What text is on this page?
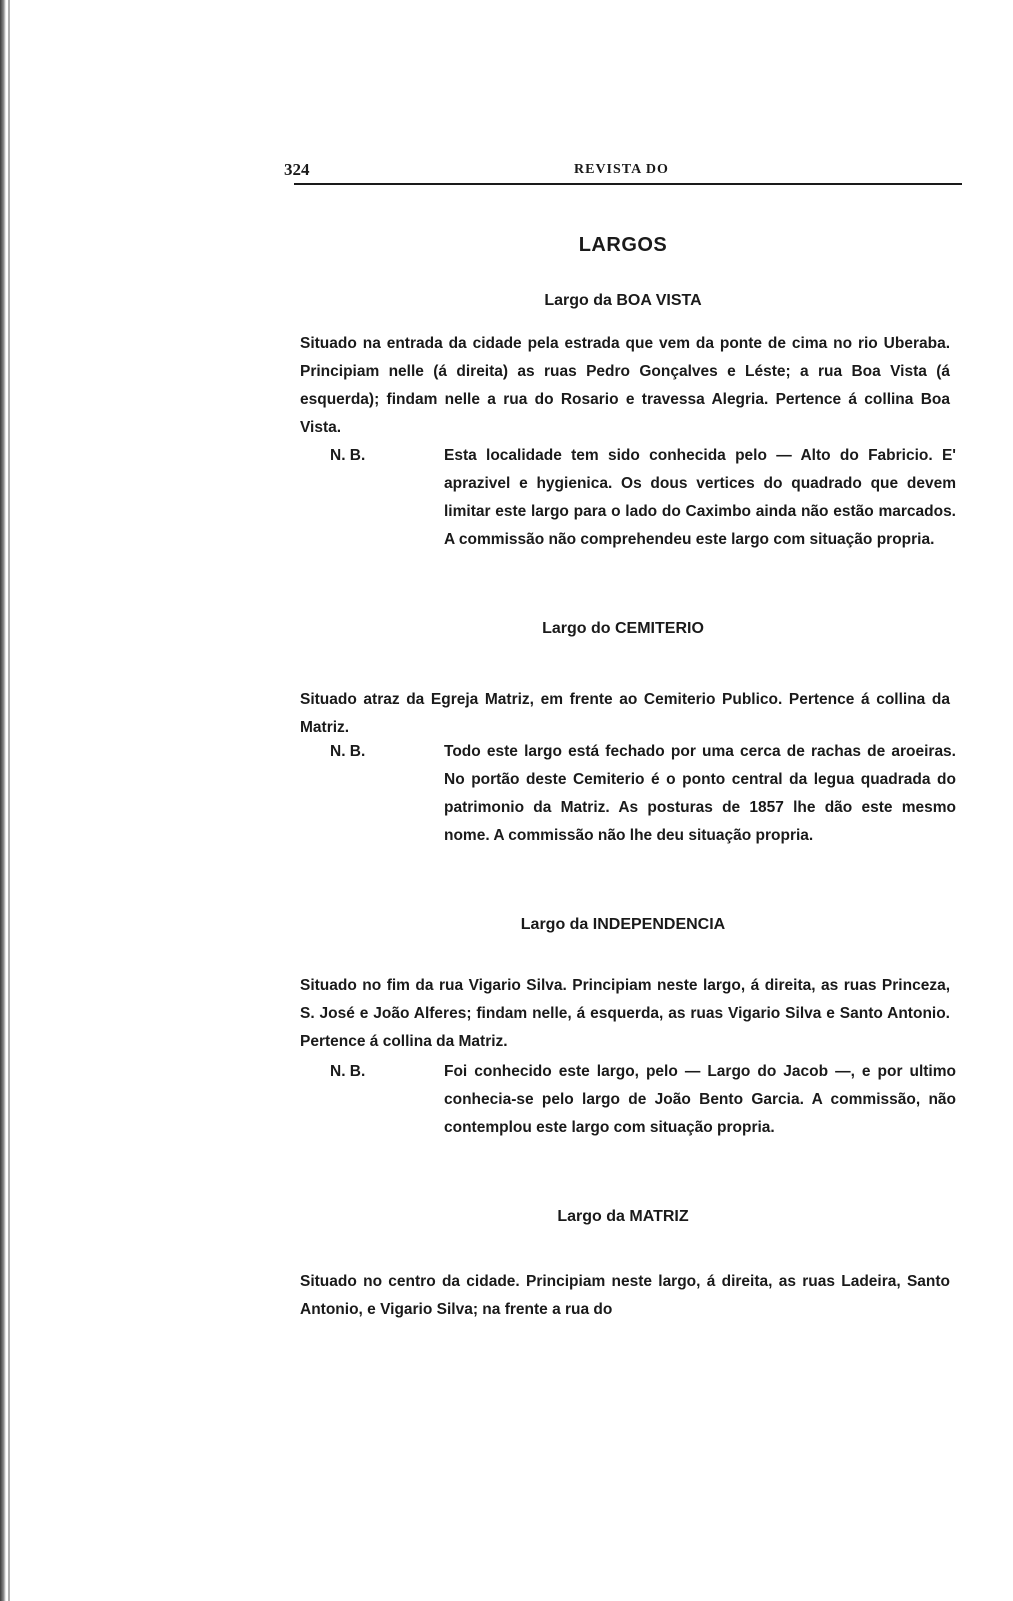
324	REVISTA DO
LARGOS
Largo da BOA VISTA

Situado na entrada da cidade pela estrada que vem da ponte de cima no rio Uberaba. Principiam nelle (á direita) as ruas Pedro Gonçalves e Léste; a rua Boa Vista (á esquerda); findam nelle a rua do Rosario e travessa Alegria. Pertence á collina Boa Vista.

N. B.	Esta localidade tem sido conhecida pelo — Alto do Fabricio. E' aprazivel e hygienica. Os dous vertices do quadrado que devem limitar este largo para o lado do Caximbo ainda não estão marcados. A commissão não comprehendeu este largo com situação propria.

Largo do CEMITERIO

Situado atraz da Egreja Matriz, em frente ao Cemiterio Publico. Pertence á collina da Matriz.

N. B.	Todo este largo está fechado por uma cerca de rachas de aroeiras. No portão deste Cemiterio é o ponto central da legua quadrada do patrimonio da Matriz. As posturas de 1857 lhe dão este mesmo nome. A commissão não lhe deu situação propria.

Largo da INDEPENDENCIA

Situado no fim da rua Vigario Silva. Principiam neste largo, á direita, as ruas Princeza, S. José e João Alferes; findam nelle, á esquerda, as ruas Vigario Silva e Santo Antonio. Pertence á collina da Matriz.

N. B.	Foi conhecido este largo, pelo — Largo do Jacob —, e por ultimo conhecia-se pelo largo de João Bento Garcia. A commissão, não contemplou este largo com situação propria.

Largo da MATRIZ

Situado no centro da cidade. Principiam neste largo, á direita, as ruas Ladeira, Santo Antonio, e Vigario Silva; na frente a rua do
